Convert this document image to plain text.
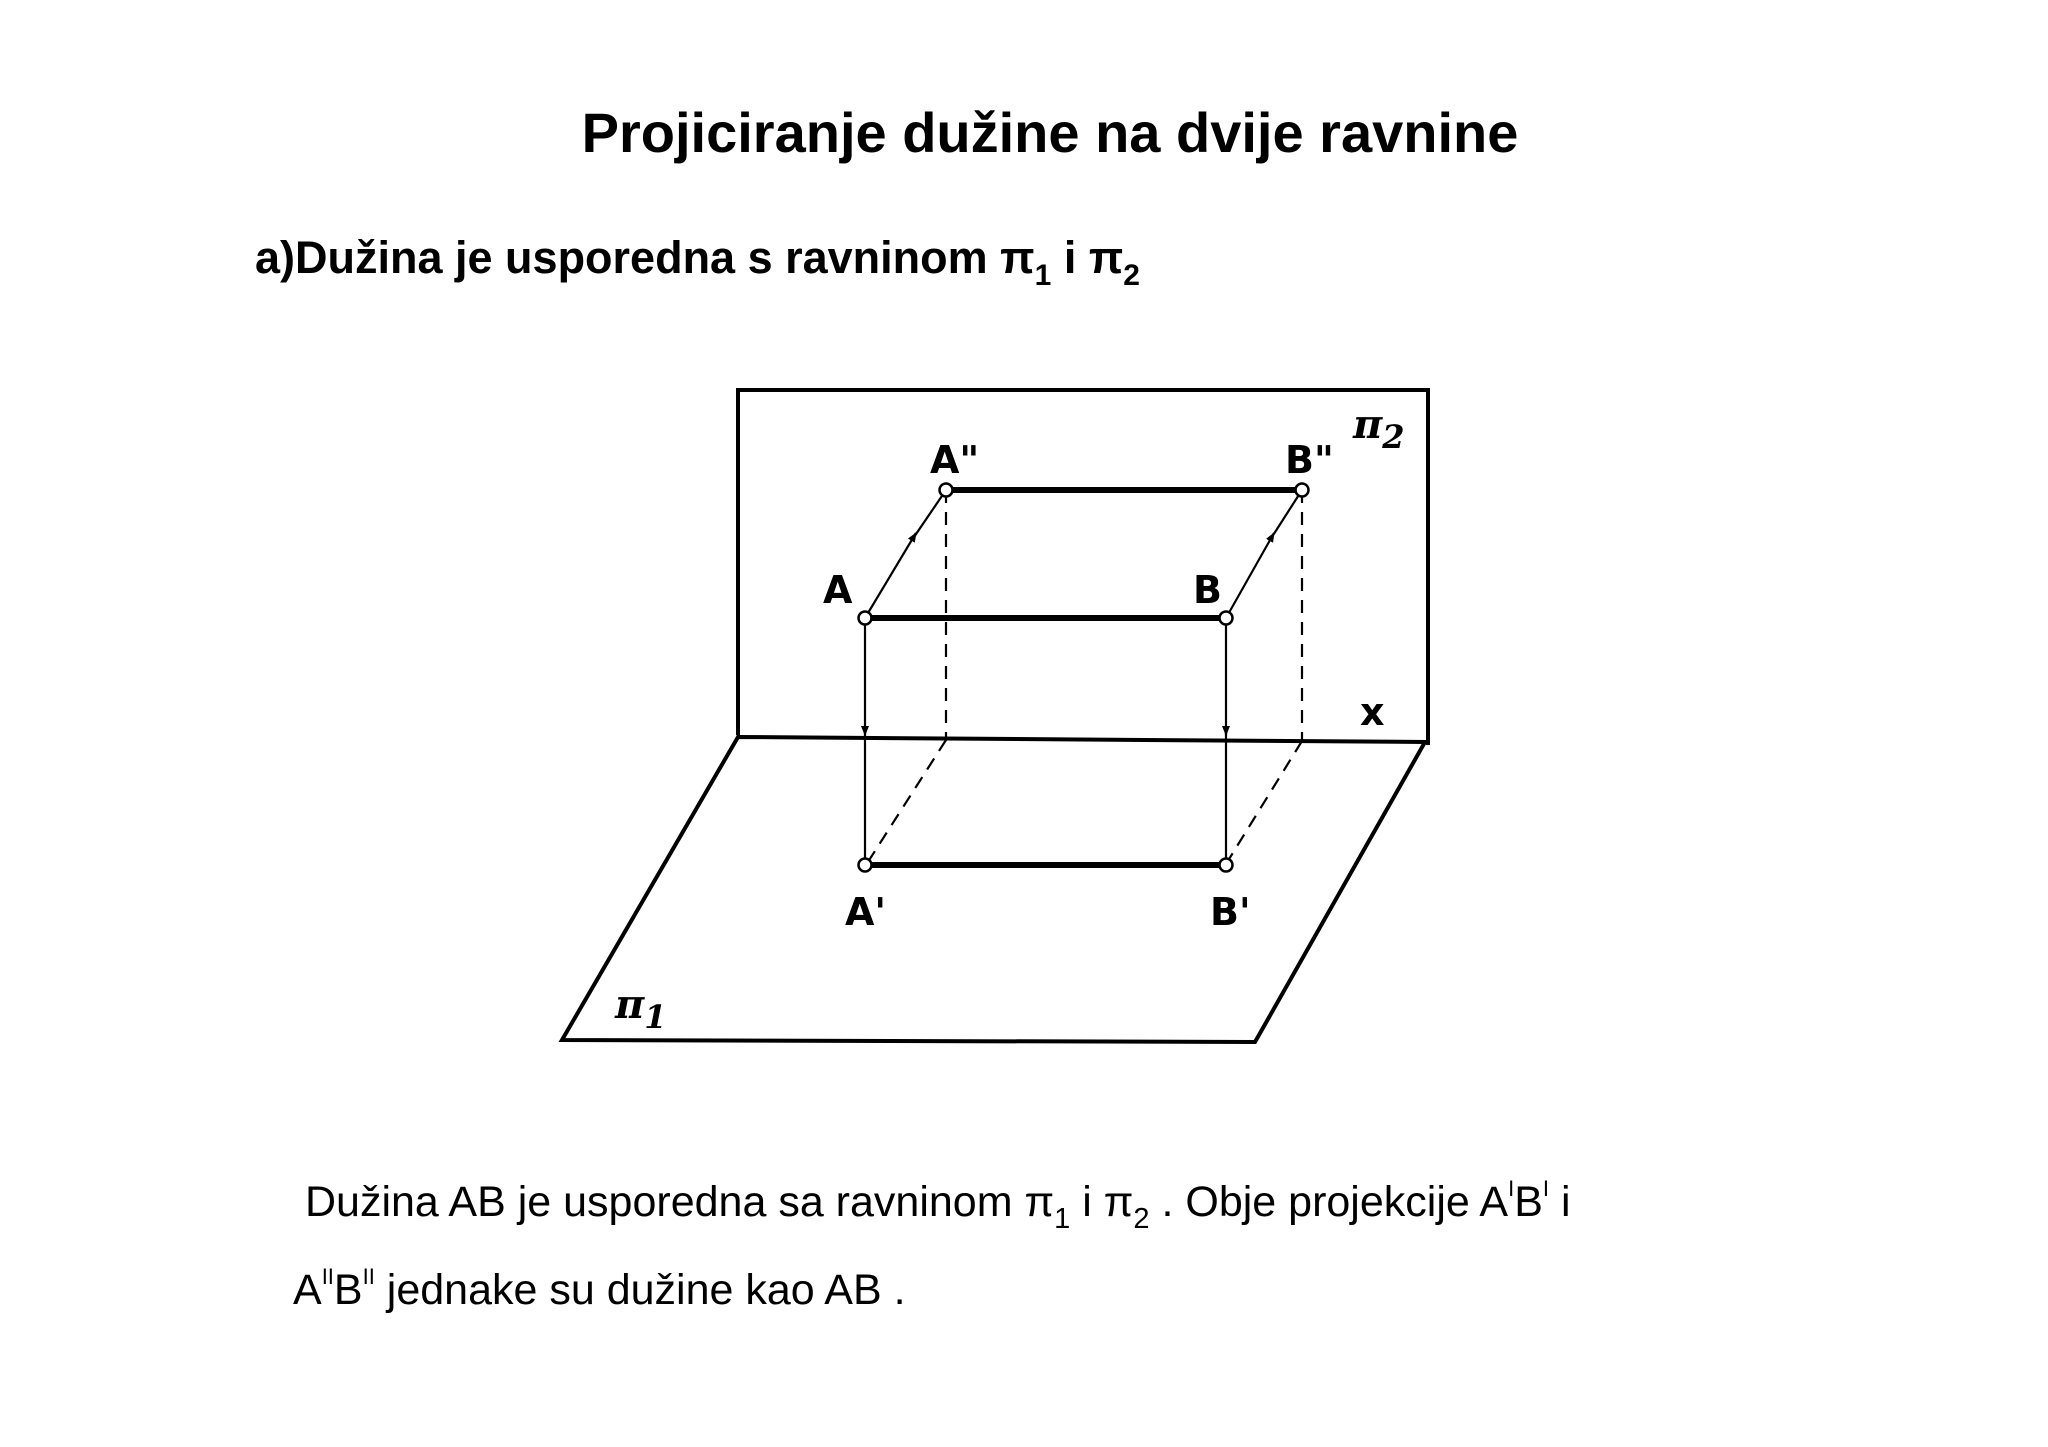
Projiciranje dužine na dvije ravnine
a)Dužina je usporedna s ravninom $\pi_1$ i $\pi_2$
A"	B"
A	B
A'	B'
x
$\pi_2$
$\pi_1$
Dužina AB je usporedna sa ravninom $\pi_1$ i $\pi_2$ . Obje projekcije $A^IB^I$ i
$A^{II}B^{II}$ jednake su dužine kao AB .
